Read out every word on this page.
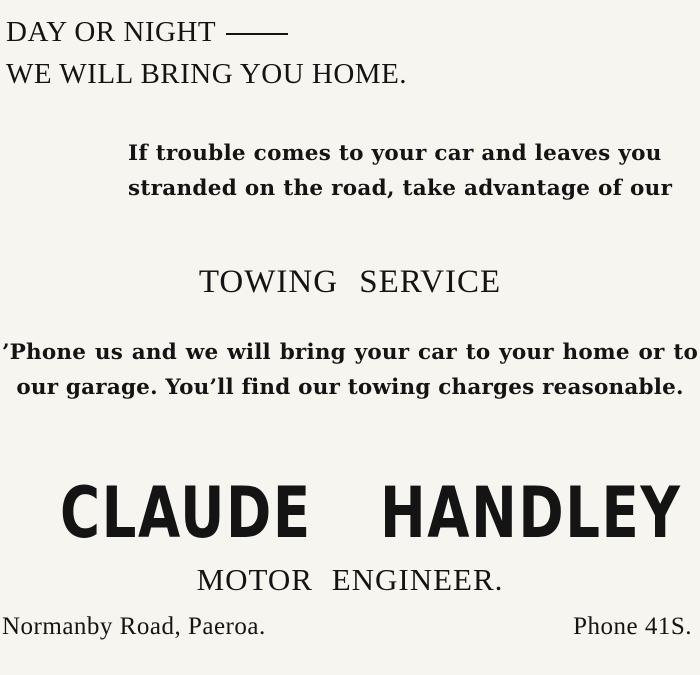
DAY OR NIGHT
WE WILL BRING YOU HOME.

If trouble comes to your car and leaves you stranded on the road, take advantage of our

TOWING SERVICE

’Phone us and we will bring your car to your home or to our garage. You’ll find our towing charges reasonable.

CLAUDE HANDLEY
MOTOR ENGINEER.
Normanby Road, Paeroa.	Phone 41S.
